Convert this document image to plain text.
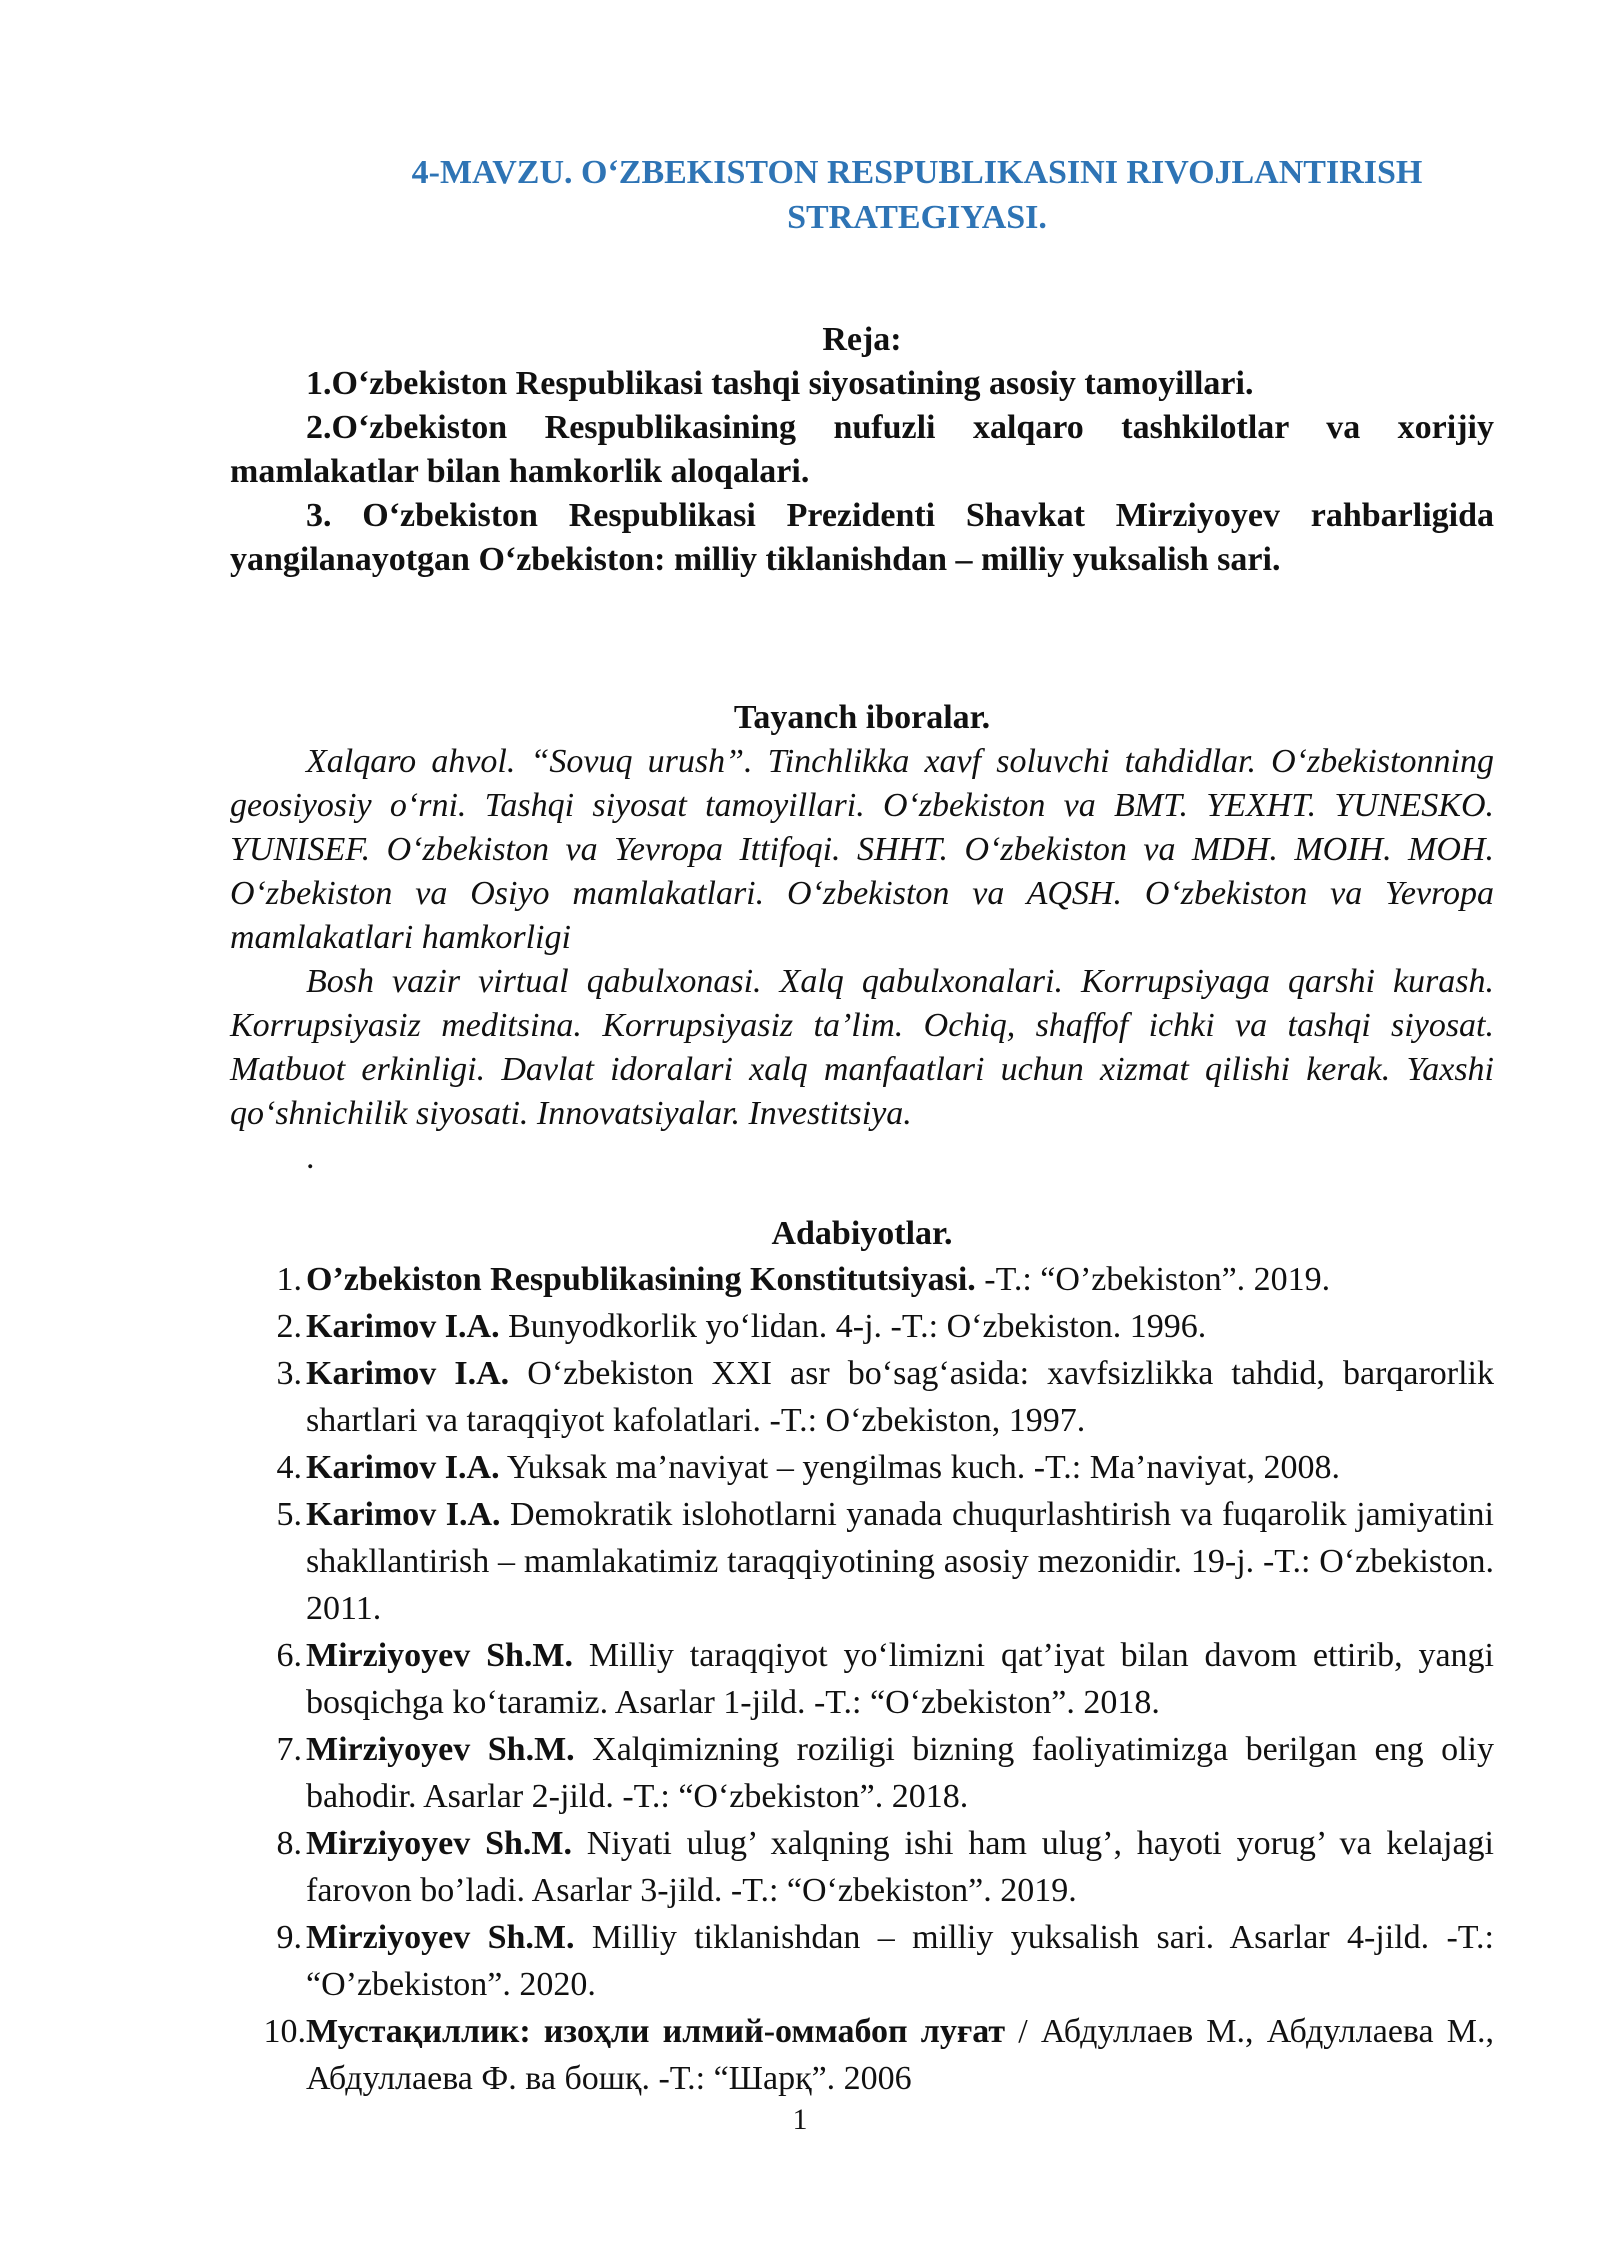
4-MAVZU. O‘ZBEKISTON RESPUBLIKASINI RIVOJLANTIRISH
STRATEGIYASI.

Reja:

1.O‘zbekiston Respublikasi tashqi siyosatining asosiy tamoyillari.

2.O‘zbekiston Respublikasining nufuzli xalqaro tashkilotlar va xorijiy mamlakatlar bilan hamkorlik aloqalari.

3. O‘zbekiston Respublikasi Prezidenti Shavkat Mirziyoyev rahbarligida yangilanayotgan O‘zbekiston: milliy tiklanishdan – milliy yuksalish sari.

Tayanch iboralar.

Xalqaro ahvol. “Sovuq urush”. Tinchlikka xavf soluvchi tahdidlar. O‘zbekistonning geosiyosiy o‘rni. Tashqi siyosat tamoyillari. O‘zbekiston va BMT. YEXHT. YUNESKO. YUNISEF. O‘zbekiston va Yevropa Ittifoqi. SHHT. O‘zbekiston va MDH. MOIH. MOH. O‘zbekiston va Osiyo mamlakatlari. O‘zbekiston va AQSH. O‘zbekiston va Yevropa mamlakatlari hamkorligi

Bosh vazir virtual qabulxonasi. Xalq qabulxonalari. Korrupsiyaga qarshi kurash. Korrupsiyasiz meditsina. Korrupsiyasiz ta’lim. Ochiq, shaffof ichki va tashqi siyosat. Matbuot erkinligi. Davlat idoralari xalq manfaatlari uchun xizmat qilishi kerak. Yaxshi qo‘shnichilik siyosati. Innovatsiyalar. Investitsiya.

.

Adabiyotlar.

1. O’zbekiston Respublikasining Konstitutsiyasi. -T.: “O’zbekiston”. 2019.
2. Karimov I.A. Bunyodkorlik yo‘lidan. 4-j. -T.: O‘zbekiston. 1996.
3. Karimov I.A. O‘zbekiston XXI asr bo‘sag‘asida: xavfsizlikka tahdid, barqarorlik shartlari va taraqqiyot kafolatlari. -T.: O‘zbekiston, 1997.
4. Karimov I.A. Yuksak ma’naviyat – yengilmas kuch. -T.: Ma’naviyat, 2008.
5. Karimov I.A. Demokratik islohotlarni yanada chuqurlashtirish va fuqarolik jamiyatini shakllantirish – mamlakatimiz taraqqiyotining asosiy mezonidir. 19-j. -T.: O‘zbekiston. 2011.
6. Mirziyoyev Sh.M. Milliy taraqqiyot yo‘limizni qat’iyat bilan davom ettirib, yangi bosqichga ko‘taramiz. Asarlar 1-jild. -T.: “O‘zbekiston”. 2018.
7. Mirziyoyev Sh.M. Xalqimizning roziligi bizning faoliyatimizga berilgan eng oliy bahodir. Asarlar 2-jild. -T.: “O‘zbekiston”. 2018.
8. Mirziyoyev Sh.M. Niyati ulug’ xalqning ishi ham ulug’, hayoti yorug’ va kelajagi farovon bo’ladi. Asarlar 3-jild. -T.: “O‘zbekiston”. 2019.
9. Mirziyoyev Sh.M. Milliy tiklanishdan – milliy yuksalish sari. Asarlar 4-jild. -T.: “O’zbekiston”. 2020.
10. Мустақиллик: изоҳли илмий-оммабоп луғат / Абдуллаев М., Абдуллаева М., Абдуллаева Ф. ва бошқ. -Т.: “Шарқ”. 2006
1
